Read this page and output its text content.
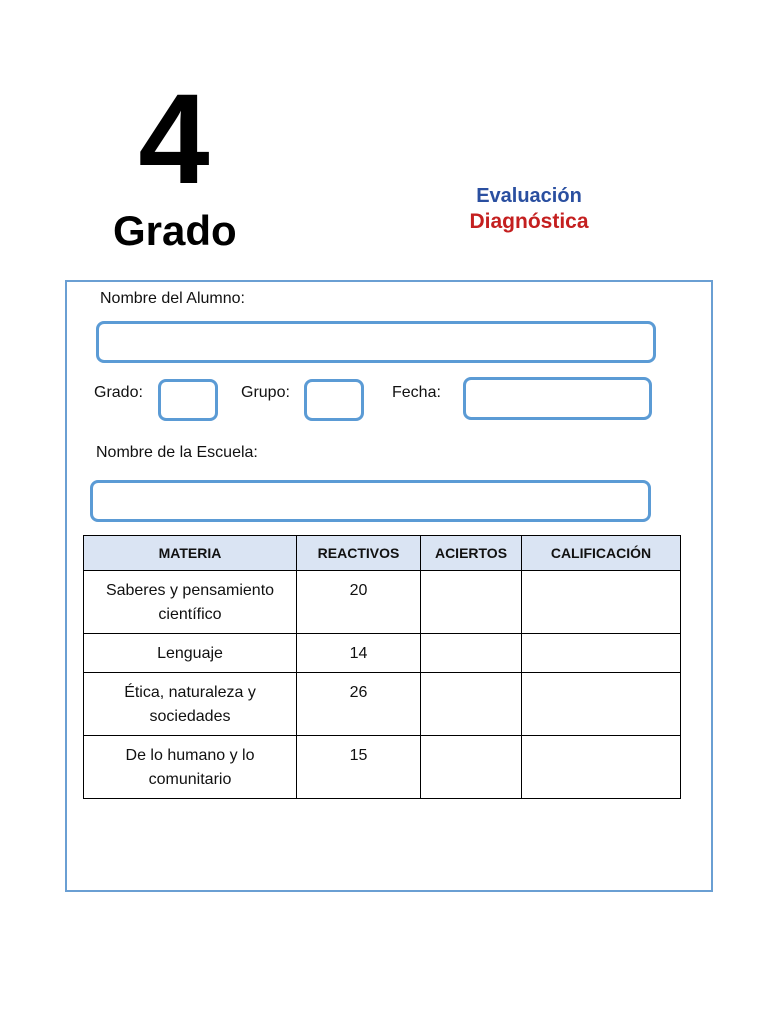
4
Grado
Evaluación
Diagnóstica
Nombre del Alumno:
Grado:	Grupo:	Fecha:
Nombre de la Escuela:
MATERIA	REACTIVOS	ACIERTOS	CALIFICACIÓN
Saberes y pensamiento científico	20		
Lenguaje	14		
Ética, naturaleza y sociedades	26		
De lo humano y lo comunitario	15		
